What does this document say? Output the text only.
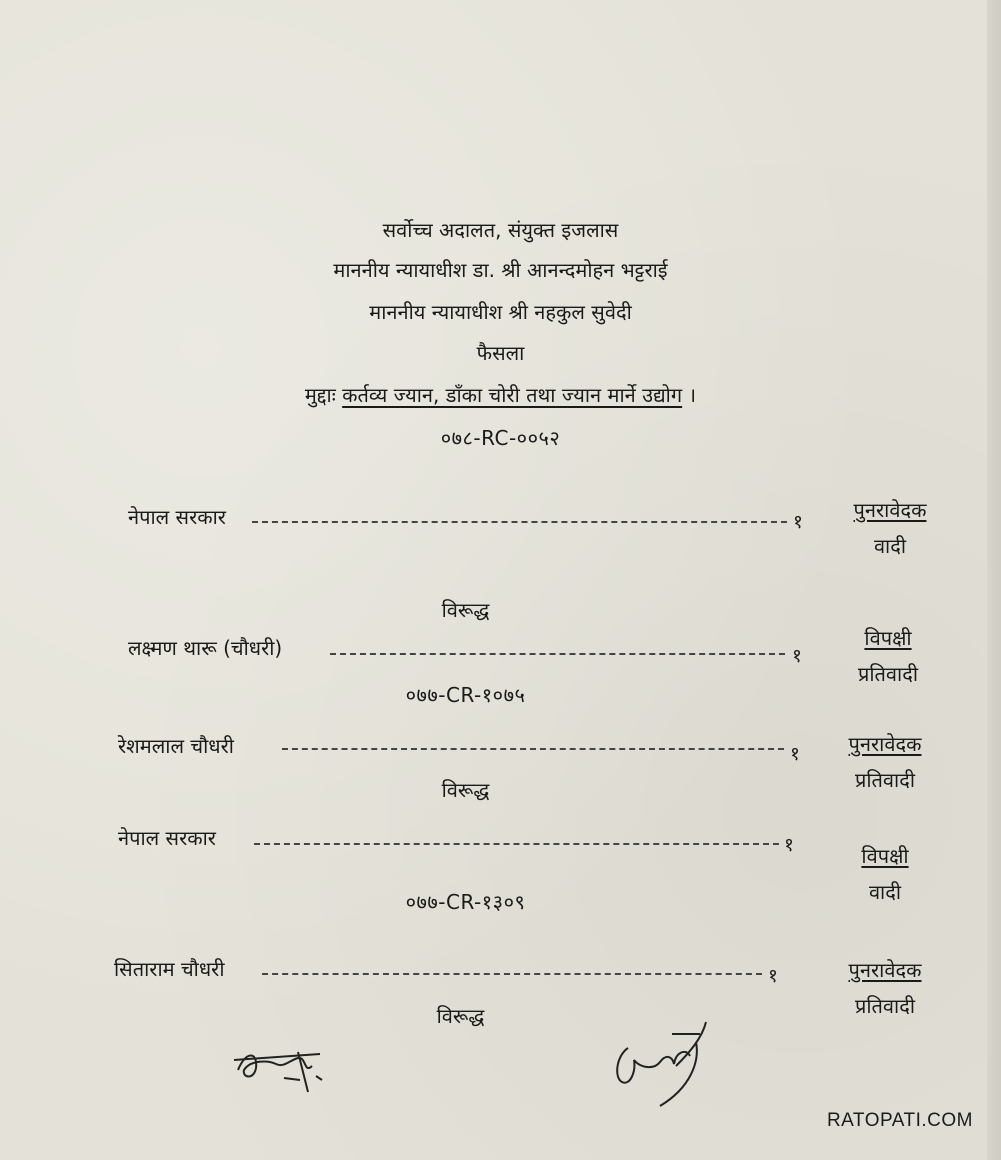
सर्वोच्च अदालत, संयुक्त इजलास
माननीय न्यायाधीश डा. श्री आनन्दमोहन भट्टराई
माननीय न्यायाधीश श्री नहकुल सुवेदी
फैसला
मुद्दाः कर्तव्य ज्यान, डाँका चोरी तथा ज्यान मार्ने उद्योग ।
०७८-RC-००५२
नेपाल सरकार	१	पुनरावेदक
वादी
विरूद्ध
लक्ष्मण थारू (चौधरी)	१
विपक्षी
प्रतिवादी
०७७-CR-१०७५
रेशमलाल चौधरी	१	पुनरावेदक
प्रतिवादी
विरूद्ध
नेपाल सरकार	१	विपक्षी
वादी
०७७-CR-१३०९
सिताराम चौधरी	१	पुनरावेदक
प्रतिवादी
विरूद्ध
RATOPATI.COM
